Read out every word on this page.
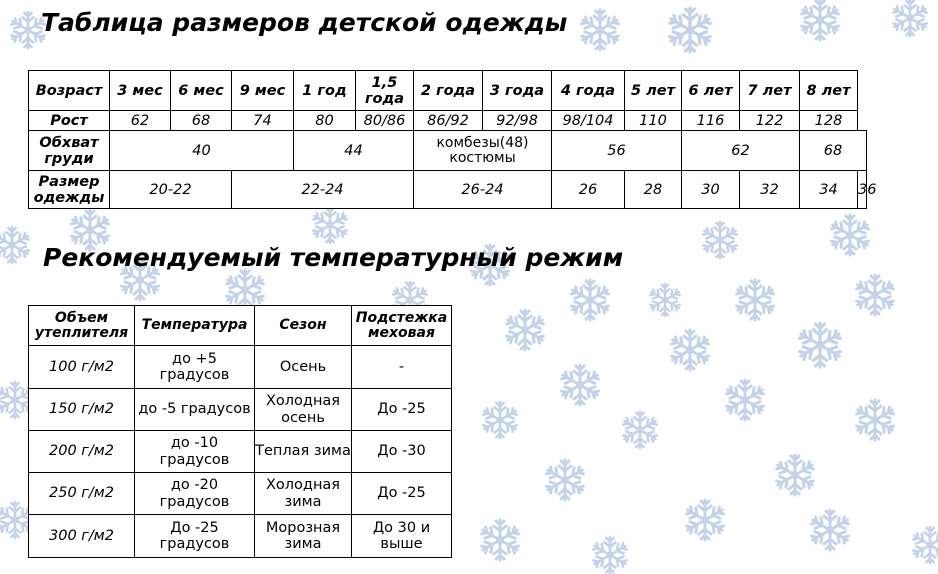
Таблица размеров детской одежды
Возраст	3 мес	6 мес	9 мес	1 год	1,5 года	2 года	3 года	4 года	5 лет	6 лет	7 лет	8 лет	
Рост	62	68	74	80	80/86	86/92	92/98	98/104	110	116	122	128	
Обхват груди	40			44		комбезы(48) костюмы		56		62		68	
Размер одежды	20-22		22-24			26-24		26	28	30	32	34	36
Рекомендуемый температурный режим
Объем утеплителя	Температура	Сезон	Подстежка меховая
100 г/м2	до +5 градусов	Осень	-
150 г/м2	до -5 градусов	Холодная осень	До -25
200 г/м2	до -10 градусов	Теплая зима	До -30
250 г/м2	до -20 градусов	Холодная зима	До -25
300 г/м2	До -25 градусов	Морозная зима	До 30 и выше
